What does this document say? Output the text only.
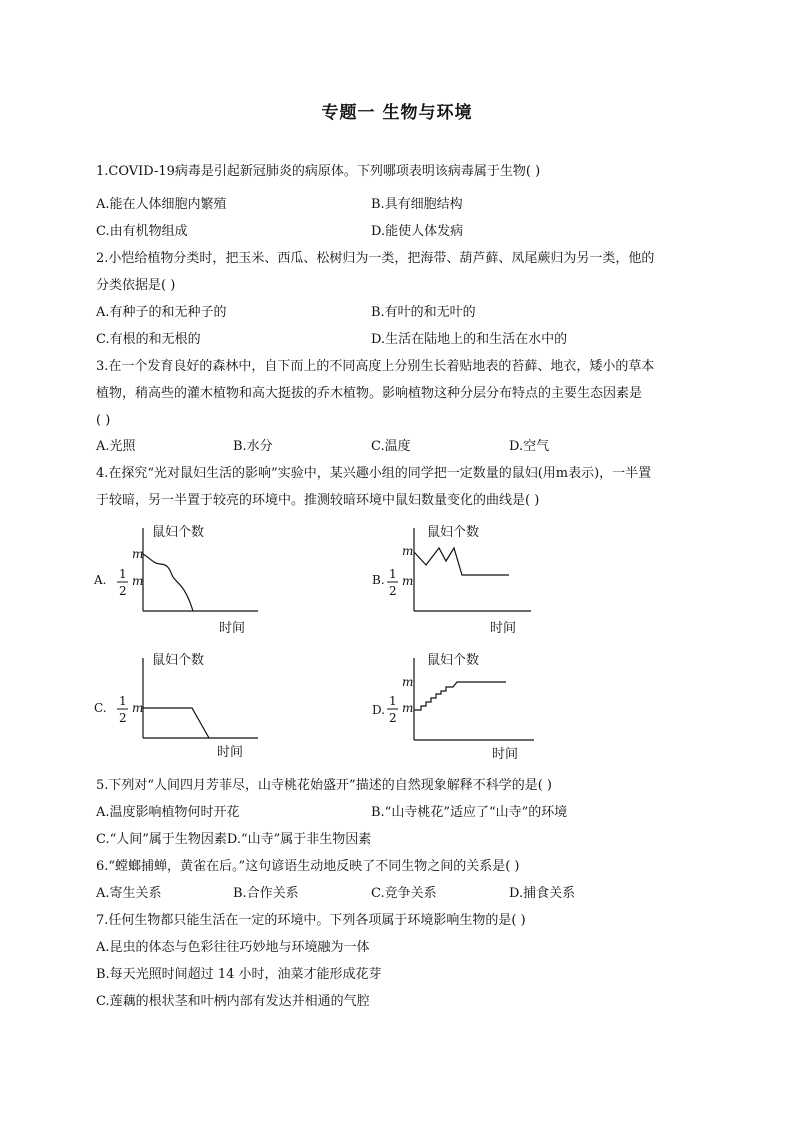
专题一 生物与环境
1.COVID-19病毒是引起新冠肺炎的病原体。下列哪项表明该病毒属于生物( )
A.能在人体细胞内繁殖	B.具有细胞结构
C.由有机物组成	D.能使人体发病
2.小恺给植物分类时，把玉米、西瓜、松树归为一类，把海带、葫芦藓、凤尾蕨归为另一类，他的
分类依据是( )
A.有种子的和无种子的	B.有叶的和无叶的
C.有根的和无根的	D.生活在陆地上的和生活在水中的
3.在一个发育良好的森林中，自下而上的不同高度上分别生长着贴地表的苔藓、地衣，矮小的草本
植物，稍高些的灌木植物和高大挺拔的乔木植物。影响植物这种分层分布特点的主要生态因素是
( )
A.光照	B.水分	C.温度	D.空气
4.在探究“光对鼠妇生活的影响”实验中，某兴趣小组的同学把一定数量的鼠妇(用m表示)，一半置
于较暗，另一半置于较亮的环境中。推测较暗环境中鼠妇数量变化的曲线是( )
A.
鼠妇个数
时间
m
1
2
m	B.
鼠妇个数
时间
m
1
2
m
C.
鼠妇个数
时间
1
2
m	D.
鼠妇个数
时间
m
1
2
m
5.下列对“人间四月芳菲尽，山寺桃花始盛开”描述的自然现象解释不科学的是( )
A.温度影响植物何时开花	B.“山寺桃花”适应了“山寺”的环境
C.“人间”属于生物因素D.“山寺”属于非生物因素
6.“螳螂捕蝉，黄雀在后。”这句谚语生动地反映了不同生物之间的关系是( )
A.寄生关系	B.合作关系	C.竞争关系	D.捕食关系
7.任何生物都只能生活在一定的环境中。下列各项属于环境影响生物的是( )
A.昆虫的体态与色彩往往巧妙地与环境融为一体
B.每天光照时间超过 14 小时，油菜才能形成花芽
C.莲藕的根状茎和叶柄内部有发达并相通的气腔
